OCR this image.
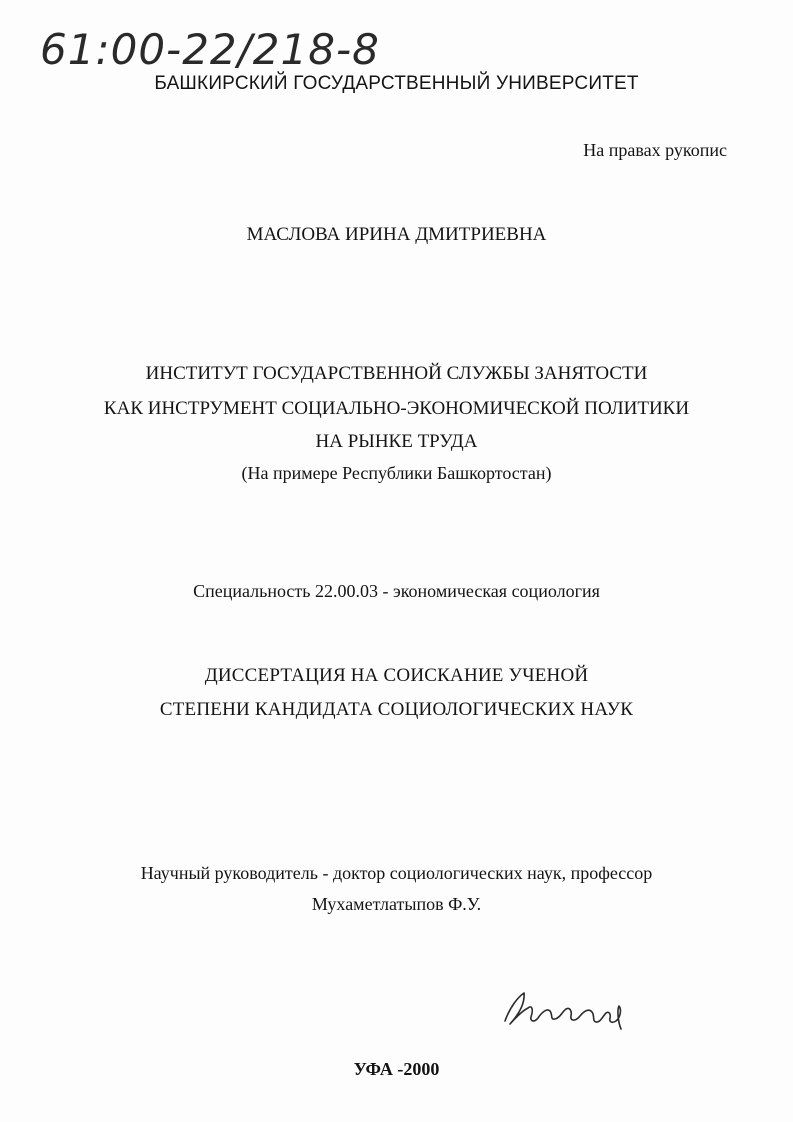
61:00-22/218-8
БАШКИРСКИЙ ГОСУДАРСТВЕННЫЙ УНИВЕРСИТЕТ
На правах рукопис
МАСЛОВА ИРИНА ДМИТРИЕВНА
ИНСТИТУТ ГОСУДАРСТВЕННОЙ СЛУЖБЫ ЗАНЯТОСТИ
КАК ИНСТРУМЕНТ СОЦИАЛЬНО-ЭКОНОМИЧЕСКОЙ ПОЛИТИКИ
НА РЫНКЕ ТРУДА
(На примере Республики Башкортостан)
Специальность 22.00.03 - экономическая социология
ДИССЕРТАЦИЯ НА СОИСКАНИЕ УЧЕНОЙ
СТЕПЕНИ КАНДИДАТА СОЦИОЛОГИЧЕСКИХ НАУК
Научный руководитель - доктор социологических наук, профессор
Мухаметлатыпов Ф.У.
УФА -2000
